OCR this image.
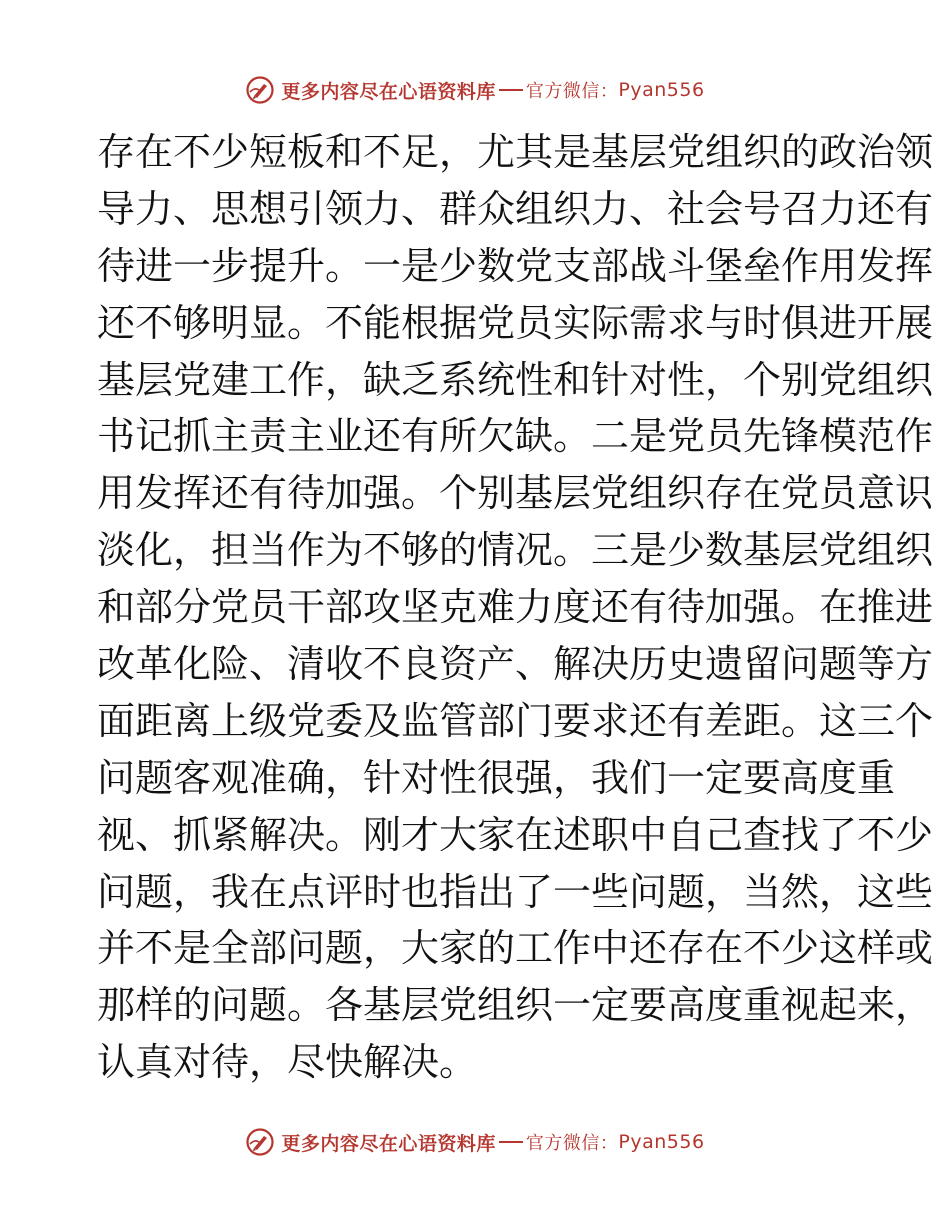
更多内容尽在心语资料库 官方微信： Pyan556
存在不少短板和不足，尤其是基层党组织的政治领
导力、思想引领力、群众组织力、社会号召力还有
待进一步提升。一是少数党支部战斗堡垒作用发挥
还不够明显。不能根据党员实际需求与时俱进开展
基层党建工作，缺乏系统性和针对性，个别党组织
书记抓主责主业还有所欠缺。二是党员先锋模范作
用发挥还有待加强。个别基层党组织存在党员意识
淡化，担当作为不够的情况。三是少数基层党组织
和部分党员干部攻坚克难力度还有待加强。在推进
改革化险、清收不良资产、解决历史遗留问题等方
面距离上级党委及监管部门要求还有差距。这三个
问题客观准确，针对性很强，我们一定要高度重
视、抓紧解决。刚才大家在述职中自己查找了不少
问题，我在点评时也指出了一些问题，当然，这些
并不是全部问题，大家的工作中还存在不少这样或
那样的问题。各基层党组织一定要高度重视起来，
认真对待，尽快解决。
更多内容尽在心语资料库 官方微信： Pyan556
